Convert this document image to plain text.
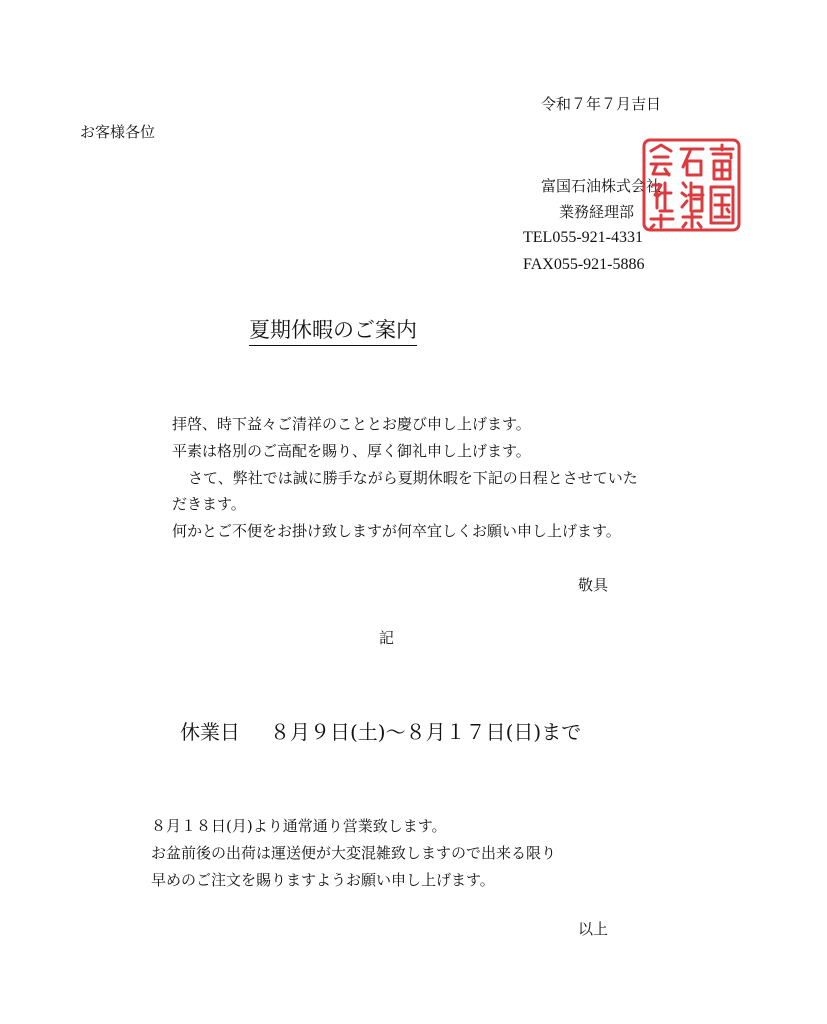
令和７年７月吉日
お客様各位
富国石油株式会社
業務経理部
TEL055-921-4331
FAX055-921-5886
夏期休暇のご案内
拝啓、時下益々ご清祥のこととお慶び申し上げます。
平素は格別のご高配を賜り、厚く御礼申し上げます。
さて、弊社では誠に勝手ながら夏期休暇を下記の日程とさせていた
だきます。
何かとご不便をお掛け致しますが何卒宜しくお願い申し上げます。
敬具
記
休業日 ８月９日(土)～８月１７日(日)まで
８月１８日(月)より通常通り営業致します。
お盆前後の出荷は運送便が大変混雑致しますので出来る限り
早めのご注文を賜りますようお願い申し上げます。
以上
